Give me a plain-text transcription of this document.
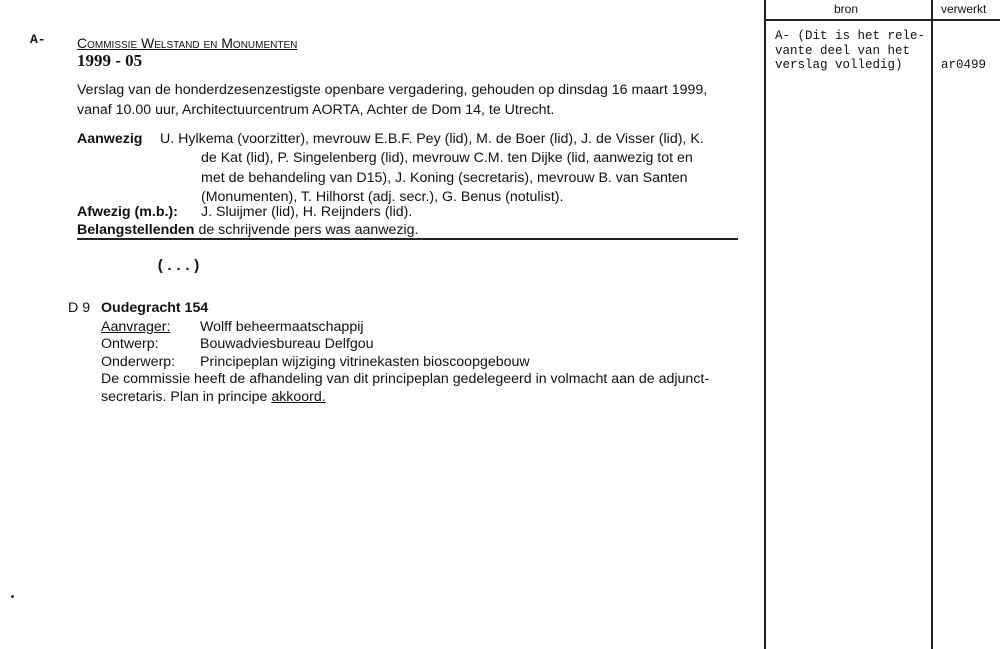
bron	verwerkt
A- (Dit is het rele-
vante deel van het
verslag volledig)	ar0499
A- Commissie Welstand en Monumenten
1999 - 05
Verslag van de honderdzesenzestigste openbare vergadering, gehouden op dinsdag 16 maart 1999,
vanaf 10.00 uur, Architectuurcentrum AORTA, Achter de Dom 14, te Utrecht.
Aanwezig U. Hylkema (voorzitter), mevrouw E.B.F. Pey (lid), M. de Boer (lid), J. de Visser (lid), K.
de Kat (lid), P. Singelenberg (lid), mevrouw C.M. ten Dijke (lid, aanwezig tot en
met de behandeling van D15), J. Koning (secretaris), mevrouw B. van Santen
(Monumenten), T. Hilhorst (adj. secr.), G. Benus (notulist).
Afwezig (m.b.): J. Sluijmer (lid), H. Reijnders (lid).
Belangstellenden de schrijvende pers was aanwezig.
(...)
D 9 Oudegracht 154
Aanvrager: Wolff beheermaatschappij
Ontwerp:	Bouwadviesbureau Delfgou
Onderwerp: Principeplan wijziging vitrinekasten bioscoopgebouw
De commissie heeft de afhandeling van dit principeplan gedelegeerd in volmacht aan de adjunct-
secretaris. Plan in principe akkoord.
